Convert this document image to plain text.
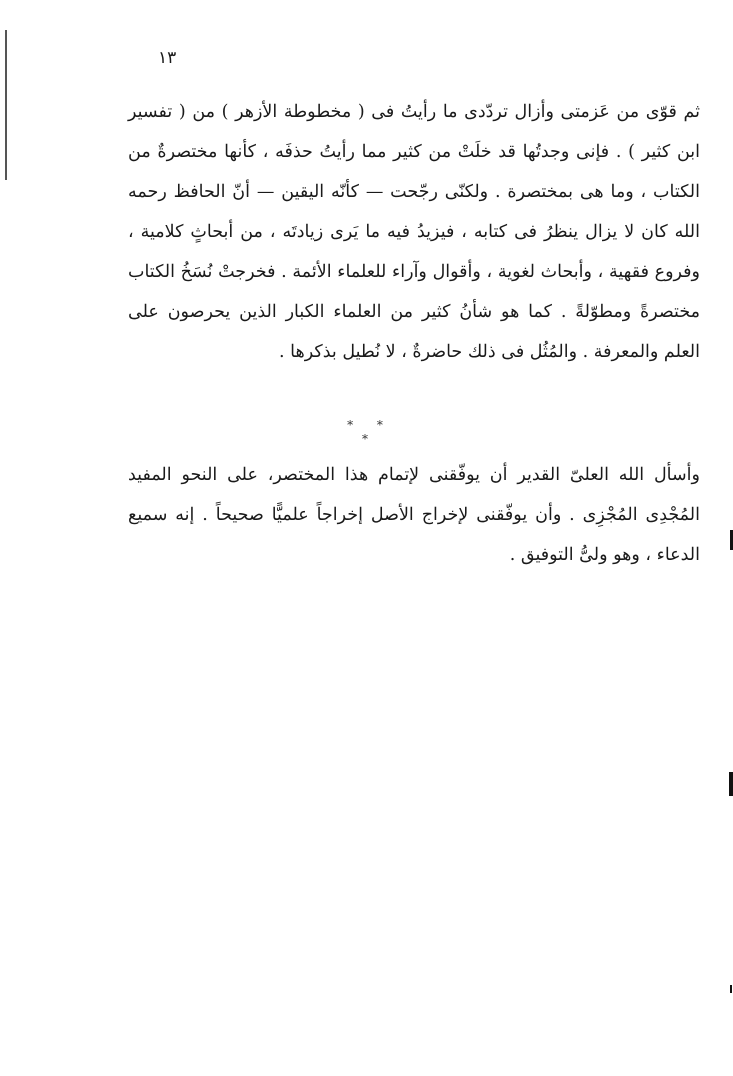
١٣

ثم قوّى من عَزمتى وأزال تردّدى ما رأيتُ فى ( مخطوطة الأزهر ) من ( تفسير ابن كثير ) . فإنى وجدتُها قد خلَتْ من كثير مما رأيتُ حذفَه ، كأنها مختصرةٌ من الكتاب ، وما هى بمختصرة . ولكنّى رجّحت — كأنّه اليقين — أنّ الحافظ رحمه الله كان لا يزال ينظرُ فى كتابه ، فيزيدُ فيه ما يَرى زيادتَه ، من أبحاثٍ كلامية ، وفروع فقهية ، وأبحاث لغوية ، وأقوال وآراء للعلماء الأئمة . فخرجتْ نُسَخُ الكتاب مختصرةً ومطوّلةً . كما هو شأنُ كثير من العلماء الكبار الذين يحرصون على العلم والمعرفة . والمُثُل فى ذلك حاضرةٌ ، لا نُطيل بذكرها .

* * *

وأسأل الله العلىّ القدير أن يوفّقنى لإتمام هذا المختصر، على النحو المفيد المُجْدِى المُجْزِى . وأن يوفّقنى لإخراج الأصل إخراجاً علميًّا صحيحاً . إنه سميع الدعاء ، وهو ولىُّ التوفيق .
